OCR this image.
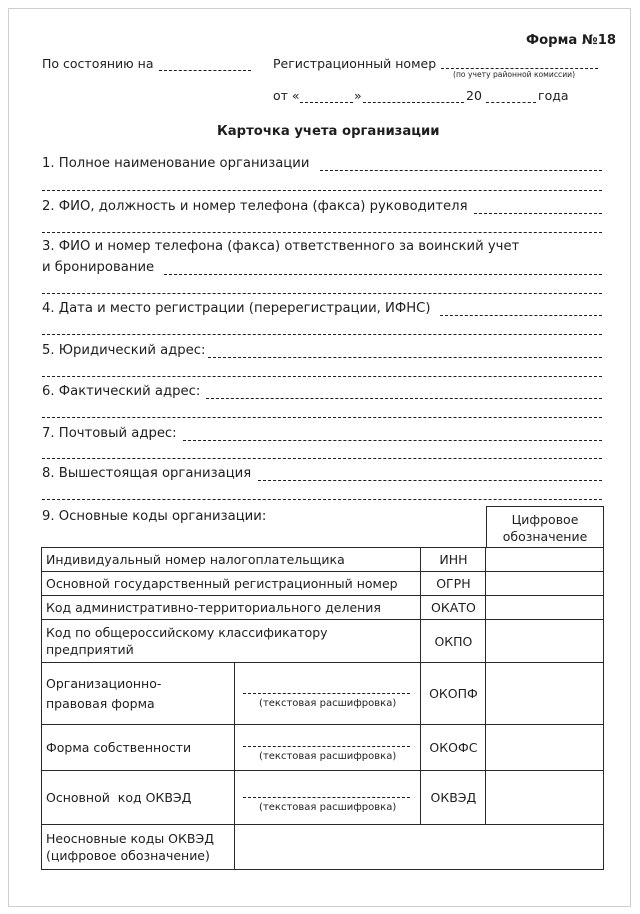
Форма №18
По состоянию на	Регистрационный номер
(по учету районной комиссии)
от «	»	20	года
Карточка учета организации
1. Полное наименование организации
2. ФИО, должность и номер телефона (факса) руководителя
3. ФИО и номер телефона (факса) ответственного за воинский учет
и бронирование
4. Дата и место регистрации (перерегистрации, ИФНС)
5. Юридический адрес:
6. Фактический адрес:
7. Почтовый адрес:
8. Вышестоящая организация
9. Основные коды организации:	Цифровое
обозначение
Индивидуальный номер налогоплательщика		ИНН	
Основной государственный регистрационный номер		ОГРН	
Код административно-территориального деления		ОКАТО	
Код по общероссийскому классификатору
предприятий		ОКПО	
Организационно-
правовая форма	(текстовая расшифровка)	ОКОПФ	
Форма собственности	(текстовая расшифровка)	ОКОФС	
Основной  код ОКВЭД	(текстовая расшифровка)	ОКВЭД	
Неосновные коды ОКВЭД
(цифровое обозначение)			
